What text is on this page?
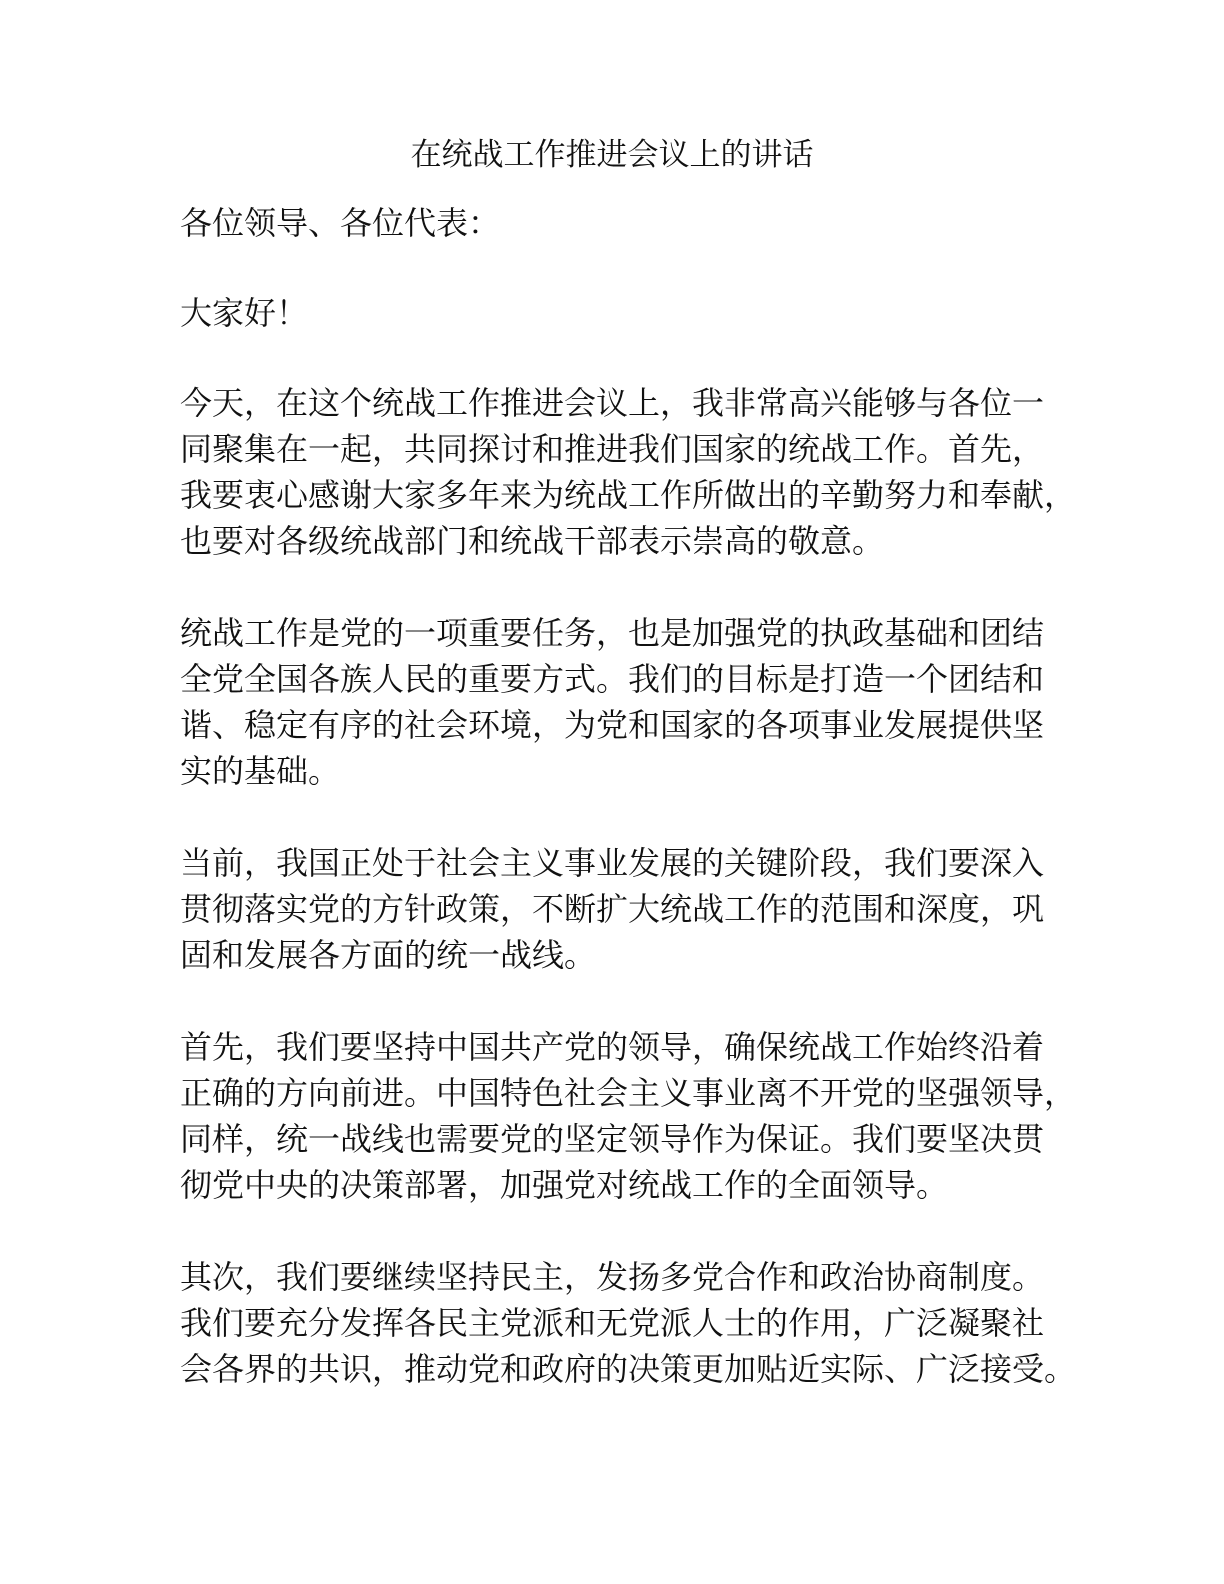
在统战工作推进会议上的讲话

各位领导、各位代表：

大家好！

今天，在这个统战工作推进会议上，我非常高兴能够与各位一
同聚集在一起，共同探讨和推进我们国家的统战工作。首先，
我要衷心感谢大家多年来为统战工作所做出的辛勤努力和奉献，
也要对各级统战部门和统战干部表示崇高的敬意。

统战工作是党的一项重要任务，也是加强党的执政基础和团结
全党全国各族人民的重要方式。我们的目标是打造一个团结和
谐、稳定有序的社会环境，为党和国家的各项事业发展提供坚
实的基础。

当前，我国正处于社会主义事业发展的关键阶段，我们要深入
贯彻落实党的方针政策，不断扩大统战工作的范围和深度，巩
固和发展各方面的统一战线。

首先，我们要坚持中国共产党的领导，确保统战工作始终沿着
正确的方向前进。中国特色社会主义事业离不开党的坚强领导，
同样，统一战线也需要党的坚定领导作为保证。我们要坚决贯
彻党中央的决策部署，加强党对统战工作的全面领导。

其次，我们要继续坚持民主，发扬多党合作和政治协商制度。
我们要充分发挥各民主党派和无党派人士的作用，广泛凝聚社
会各界的共识，推动党和政府的决策更加贴近实际、广泛接受。
